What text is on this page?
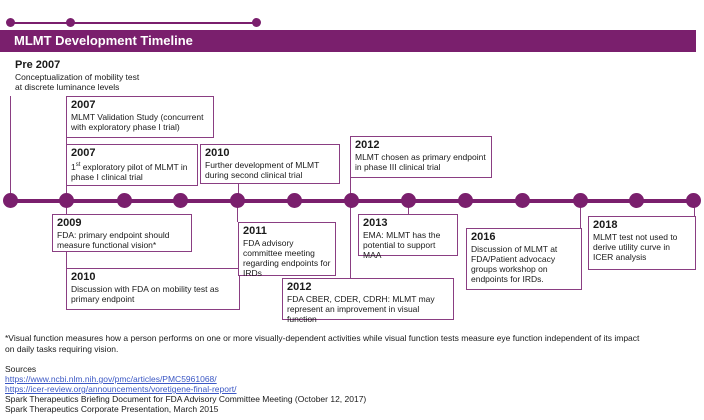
MLMT Development Timeline
Pre 2007
Conceptualization of mobility test at discrete luminance levels
2007
MLMT Validation Study (concurrent with exploratory phase I trial)
2007
1st exploratory pilot of MLMT in phase I clinical trial
2010
Further development of MLMT during second clinical trial
2012
MLMT chosen as primary endpoint in phase III clinical trial
2009
FDA: primary endpoint should measure functional vision*
2010
Discussion with FDA on mobility test as primary endpoint
2011
FDA advisory committee meeting regarding endpoints for IRDs
2012
FDA CBER, CDER, CDRH: MLMT may represent an improvement in visual function
2013
EMA: MLMT has the potential to support MAA
2016
Discussion of MLMT at FDA/Patient advocacy groups workshop on endpoints for IRDs.
2018
MLMT test not used to derive utility curve in ICER analysis
*Visual function measures how a person performs on one or more visually-dependent activities while visual function tests measure eye function independent of its impact on daily tasks requiring vision.
Sources
https://www.ncbi.nlm.nih.gov/pmc/articles/PMC5961068/
https://icer-review.org/announcements/voretigene-final-report/
Spark Therapeutics Briefing Document for FDA Advisory Committee Meeting (October 12, 2017)
Spark Therapeutics Corporate Presentation, March 2015
